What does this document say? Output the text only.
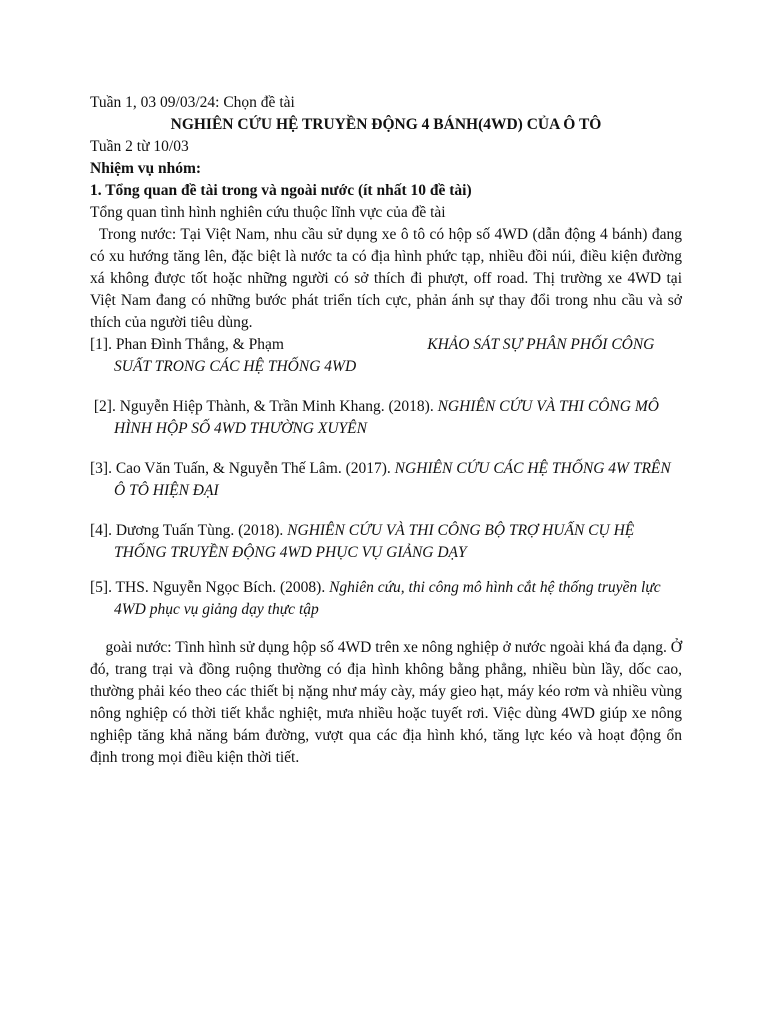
Tuần 1, 03 09/03/24: Chọn đề tài

NGHIÊN CỨU HỆ TRUYỀN ĐỘNG 4 BÁNH(4WD) CỦA Ô TÔ

Tuần 2 từ 10/03

Nhiệm vụ nhóm:

1. Tổng quan đề tài trong và ngoài nước (ít nhất 10 đề tài)

Tổng quan tình hình nghiên cứu thuộc lĩnh vực của đề tài

Trong nước: Tại Việt Nam, nhu cầu sử dụng xe ô tô có hộp số 4WD (dẫn động 4 bánh) đang có xu hướng tăng lên, đặc biệt là nước ta có địa hình phức tạp, nhiều đồi núi, điều kiện đường xá không được tốt hoặc những người có sở thích đi phượt, off road. Thị trường xe 4WD tại Việt Nam đang có những bước phát triển tích cực, phản ánh sự thay đổi trong nhu cầu và sở thích của người tiêu dùng.

[1]. Phan Đình Thắng, & Phạm                                     KHẢO SÁT SỰ PHÂN PHỐI CÔNG SUẤT TRONG CÁC HỆ THỐNG 4WD

[2]. Nguyễn Hiệp Thành, & Trần Minh Khang. (2018). NGHIÊN CỨU VÀ THI CÔNG MÔ HÌNH HỘP SỐ 4WD THƯỜNG XUYÊN

[3]. Cao Văn Tuấn, & Nguyễn Thế Lâm. (2017). NGHIÊN CỨU CÁC HỆ THỐNG 4W TRÊN Ô TÔ HIỆN ĐẠI

[4]. Dương Tuấn Tùng. (2018). NGHIÊN CỨU VÀ THI CÔNG BỘ TRỢ HUẤN CỤ HỆ THỐNG TRUYỀN ĐỘNG 4WD PHỤC VỤ GIẢNG DẠY

[5]. THS. Nguyễn Ngọc Bích. (2008). Nghiên cứu, thi công mô hình cắt hệ thống truyền lực 4WD phục vụ giảng dạy thực tập

goài nước: Tình hình sử dụng hộp số 4WD trên xe nông nghiệp ở nước ngoài khá đa dạng. Ở đó, trang trại và đồng ruộng thường có địa hình không bằng phẳng, nhiều bùn lầy, dốc cao, thường phải kéo theo các thiết bị nặng như máy cày, máy gieo hạt, máy kéo rơm và nhiều vùng nông nghiệp có thời tiết khắc nghiệt, mưa nhiều hoặc tuyết rơi. Việc dùng 4WD giúp xe nông nghiệp tăng khả năng bám đường, vượt qua các địa hình khó, tăng lực kéo và hoạt động ổn định trong mọi điều kiện thời tiết.
